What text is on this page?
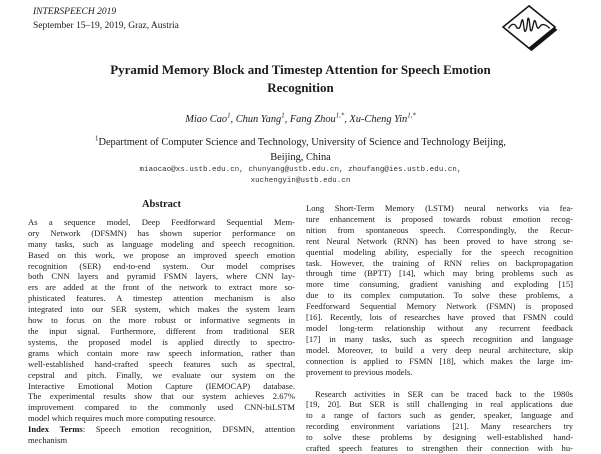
INTERSPEECH 2019
September 15–19, 2019, Graz, Austria
Pyramid Memory Block and Timestep Attention for Speech Emotion
Recognition
Miao Cao$^1$, Chun Yang$^1$, Fang Zhou$^{1,*}$, Xu-Cheng Yin$^{1,*}$
$^1$Department of Computer Science and Technology, University of Science and Technology Beijing,
Beijing, China
miaocao@xs.ustb.edu.cn, chunyang@ustb.edu.cn, zhoufang@ies.ustb.edu.cn,
xuchengyin@ustb.edu.cn
Abstract
As a sequence model, Deep Feedforward Sequential Mem-
ory Network (DFSMN) has shown superior performance on
many tasks, such as language modeling and speech recognition.
Based on this work, we propose an improved speech emotion
recognition (SER) end-to-end system. Our model comprises
both CNN layers and pyramid FSMN layers, where CNN lay-
ers are added at the front of the network to extract more so-
phisticated features. A timestep attention mechanism is also
integrated into our SER system, which makes the system learn
how to focus on the more robust or informative segments in
the input signal. Furthermore, different from traditional SER
systems, the proposed model is applied directly to spectro-
grams which contain more raw speech information, rather than
well-established hand-crafted speech features such as spectral,
cepstral and pitch. Finally, we evaluate our system on the
Interactive Emotional Motion Capture (IEMOCAP) database.
The experimental results show that our system achieves 2.67%
improvement compared to the commonly used CNN-biLSTM
model which requires much more computing resource.
Index Terms: Speech emotion recognition, DFSMN, attention
mechanism
Long Short-Term Memory (LSTM) neural networks via fea-
ture enhancement is proposed towards robust emotion recog-
nition from spontaneous speech. Correspondingly, the Recur-
rent Neural Network (RNN) has been proved to have strong se-
quential modeling ability, especially for the speech recognition
task. However, the training of RNN relies on backpropagation
through time (BPTT) [14], which may bring problems such as
more time consuming, gradient vanishing and exploding [15]
due to its complex computation. To solve these problems, a
Feedforward Sequential Memory Network (FSMN) is proposed
[16]. Recently, lots of researches have proved that FSMN could
model long-term relationship without any recurrent feedback
[17] in many tasks, such as speech recognition and language
model. Moreover, to build a very deep neural architecture, skip
connection is applied to FSMN [18], which makes the large im-
provement to previous models.
Research activities in SER can be traced back to the 1980s
[19, 20]. But SER is still challenging in real applications due
to a range of factors such as gender, speaker, language and
recording environment variations [21]. Many researchers try
to solve these problems by designing well-established hand-
crafted speech features to strengthen their connection with hu-
